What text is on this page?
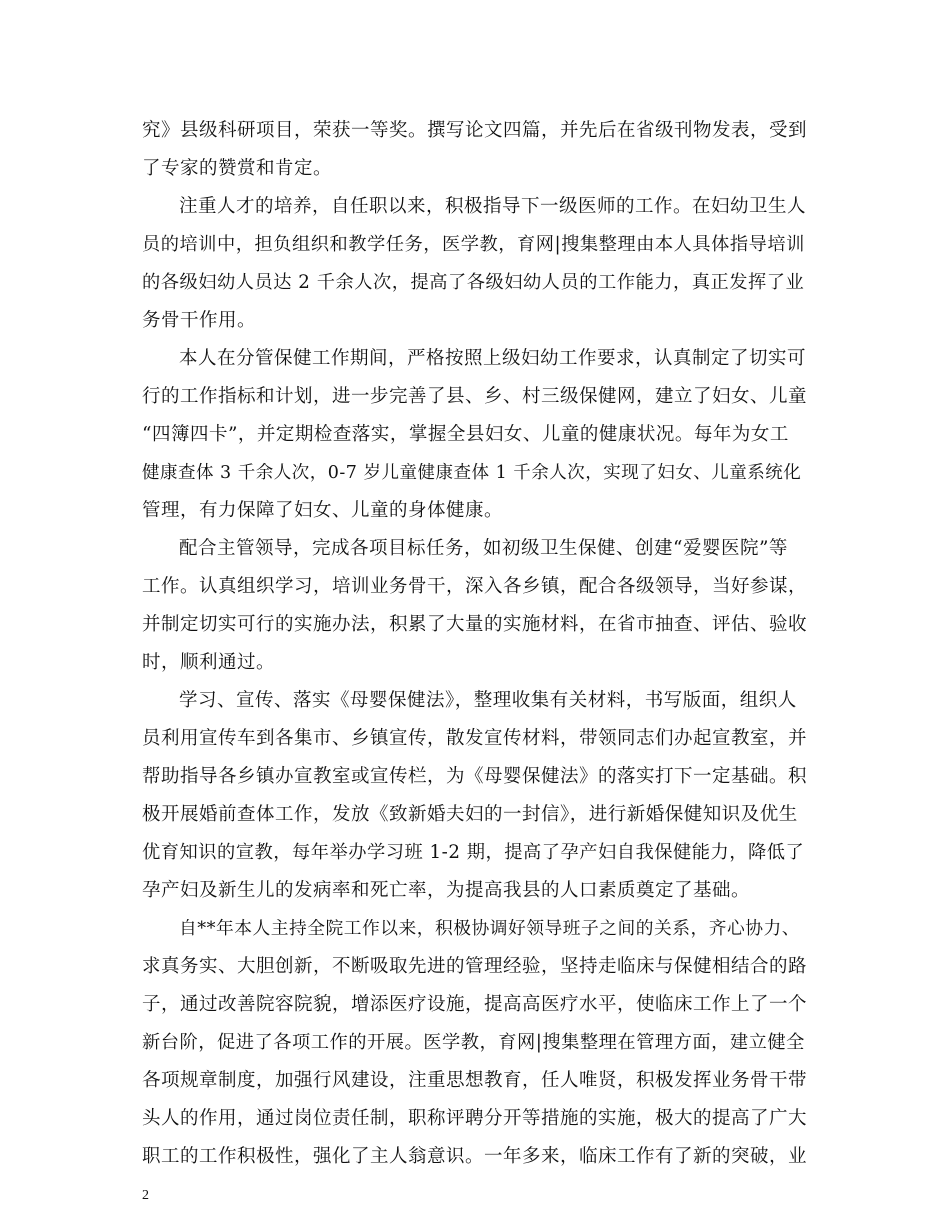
究》县级科研项目，荣获一等奖。撰写论文四篇，并先后在省级刊物发表，受到
了专家的赞赏和肯定。
注重人才的培养，自任职以来，积极指导下一级医师的工作。在妇幼卫生人
员的培训中，担负组织和教学任务，医学教，育网|搜集整理由本人具体指导培训
的各级妇幼人员达 2 千余人次，提高了各级妇幼人员的工作能力，真正发挥了业
务骨干作用。
本人在分管保健工作期间，严格按照上级妇幼工作要求，认真制定了切实可
行的工作指标和计划，进一步完善了县、乡、村三级保健网，建立了妇女、儿童
“四簿四卡”，并定期检查落实，掌握全县妇女、儿童的健康状况。每年为女工
健康查体 3 千余人次，0-7 岁儿童健康查体 1 千余人次，实现了妇女、儿童系统化
管理，有力保障了妇女、儿童的身体健康。
配合主管领导，完成各项目标任务，如初级卫生保健、创建“爱婴医院”等
工作。认真组织学习，培训业务骨干，深入各乡镇，配合各级领导，当好参谋，
并制定切实可行的实施办法，积累了大量的实施材料，在省市抽查、评估、验收
时，顺利通过。
学习、宣传、落实《母婴保健法》，整理收集有关材料，书写版面，组织人
员利用宣传车到各集市、乡镇宣传，散发宣传材料，带领同志们办起宣教室，并
帮助指导各乡镇办宣教室或宣传栏，为《母婴保健法》的落实打下一定基础。积
极开展婚前查体工作，发放《致新婚夫妇的一封信》，进行新婚保健知识及优生
优育知识的宣教，每年举办学习班 1-2 期，提高了孕产妇自我保健能力，降低了
孕产妇及新生儿的发病率和死亡率，为提高我县的人口素质奠定了基础。
自**年本人主持全院工作以来，积极协调好领导班子之间的关系，齐心协力、
求真务实、大胆创新，不断吸取先进的管理经验，坚持走临床与保健相结合的路
子，通过改善院容院貌，增添医疗设施，提高高医疗水平，使临床工作上了一个
新台阶，促进了各项工作的开展。医学教，育网|搜集整理在管理方面，建立健全
各项规章制度，加强行风建设，注重思想教育，任人唯贤，积极发挥业务骨干带
头人的作用，通过岗位责任制，职称评聘分开等措施的实施，极大的提高了广大
职工的工作积极性，强化了主人翁意识。一年多来，临床工作有了新的突破，业
2
